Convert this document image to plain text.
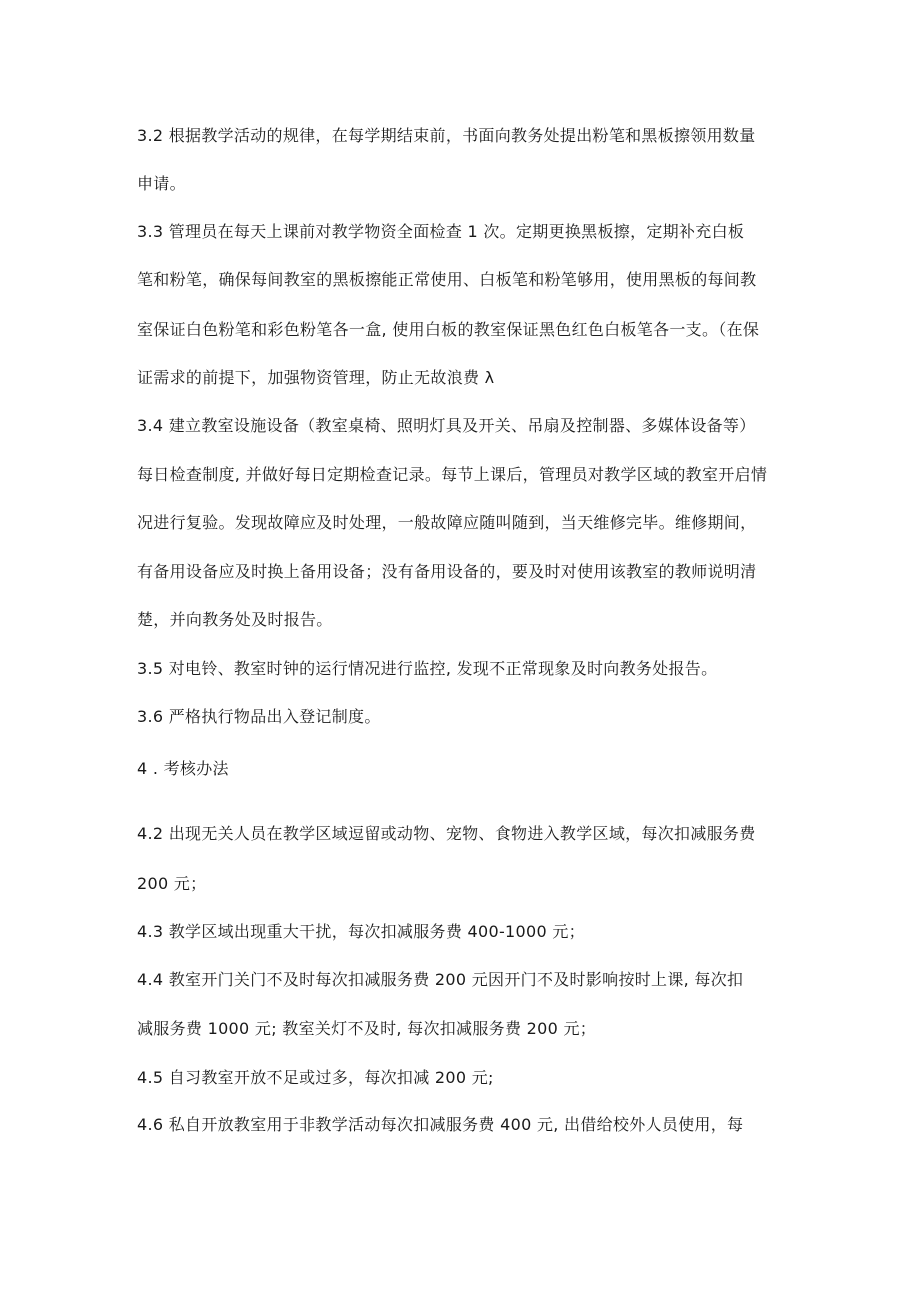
3.2 根据教学活动的规律，在每学期结束前，书面向教务处提出粉笔和黑板擦领用数量
申请。
3.3 管理员在每天上课前对教学物资全面检查 1 次。定期更换黑板擦，定期补充白板
笔和粉笔，确保每间教室的黑板擦能正常使用、白板笔和粉笔够用，使用黑板的每间教
室保证白色粉笔和彩色粉笔各一盒, 使用白板的教室保证黑色红色白板笔各一支。（在保
证需求的前提下，加强物资管理，防止无故浪费 λ
3.4 建立教室设施设备（教室桌椅、照明灯具及开关、吊扇及控制器、多媒体设备等）
每日检查制度, 并做好每日定期检查记录。每节上课后，管理员对教学区域的教室开启情
况进行复验。发现故障应及时处理，一般故障应随叫随到，当天维修完毕。维修期间，
有备用设备应及时换上备用设备；没有备用设备的，要及时对使用该教室的教师说明清
楚，并向教务处及时报告。
3.5 对电铃、教室时钟的运行情况进行监控, 发现不正常现象及时向教务处报告。
3.6 严格执行物品出入登记制度。
4 . 考核办法
4.2 出现无关人员在教学区域逗留或动物、宠物、食物进入教学区域，每次扣减服务费
200 元；
4.3 教学区域出现重大干扰，每次扣减服务费 400-1000 元；
4.4 教室开门关门不及时每次扣减服务费 200 元因开门不及时影响按时上课, 每次扣
减服务费 1000 元; 教室关灯不及时, 每次扣减服务费 200 元；
4.5 自习教室开放不足或过多，每次扣减 200 元;
4.6 私自开放教室用于非教学活动每次扣减服务费 400 元, 出借给校外人员使用，每
